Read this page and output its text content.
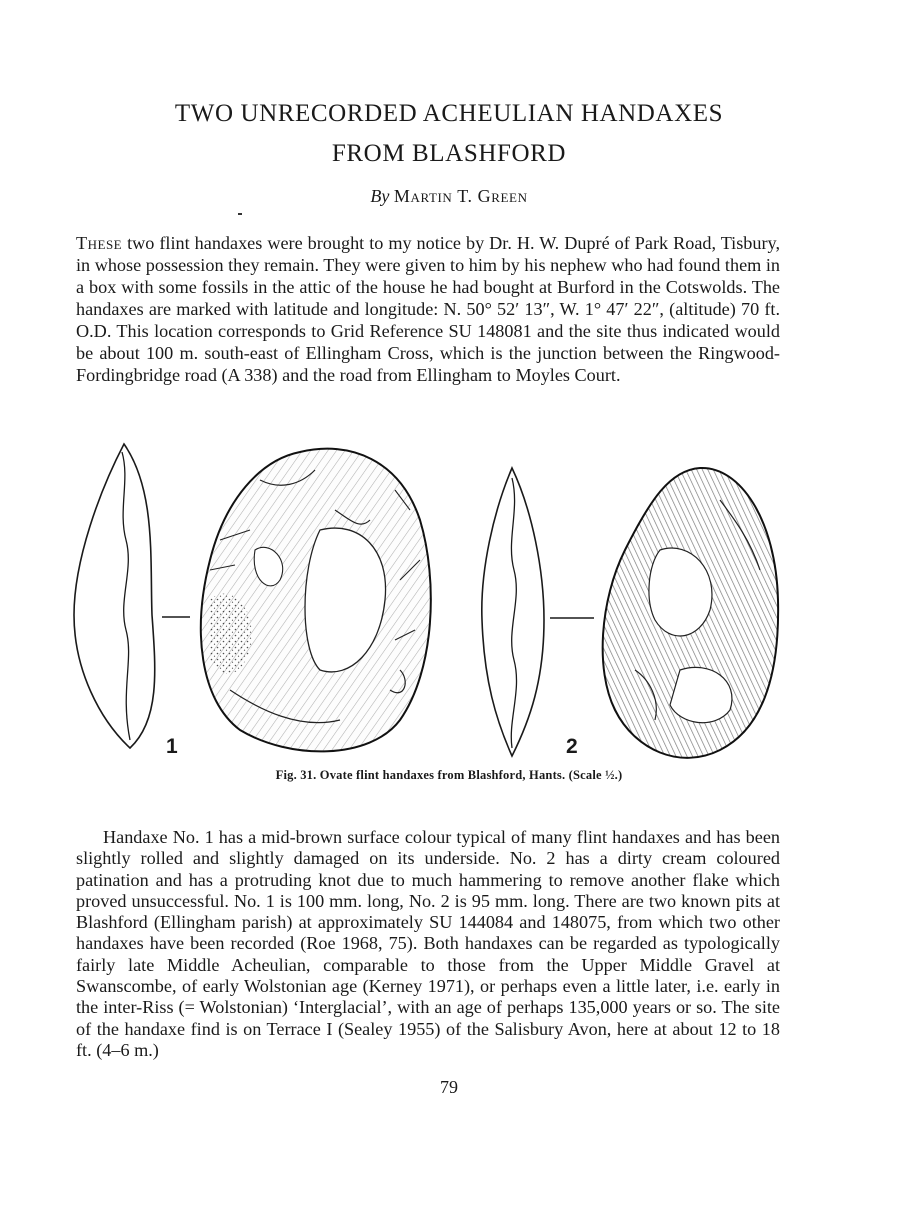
TWO UNRECORDED ACHEULIAN HANDAXES
FROM BLASHFORD
By Martin T. Green

These two flint handaxes were brought to my notice by Dr. H. W. Dupré of Park Road, Tisbury, in whose possession they remain. They were given to him by his nephew who had found them in a box with some fossils in the attic of the house he had bought at Burford in the Cotswolds. The handaxes are marked with latitude and longitude: N. 50° 52′ 13″, W. 1° 47′ 22″, (altitude) 70 ft. O.D. This location corresponds to Grid Reference SU 148081 and the site thus indicated would be about 100 m. south-east of Ellingham Cross, which is the junction between the Ringwood-Fordingbridge road (A 338) and the road from Ellingham to Moyles Court.

1	2
Fig. 31. Ovate flint handaxes from Blashford, Hants. (Scale ½.)

Handaxe No. 1 has a mid-brown surface colour typical of many flint handaxes and has been slightly rolled and slightly damaged on its underside. No. 2 has a dirty cream coloured patination and has a protruding knot due to much hammering to remove another flake which proved unsuccessful. No. 1 is 100 mm. long, No. 2 is 95 mm. long. There are two known pits at Blashford (Ellingham parish) at approximately SU 144084 and 148075, from which two other handaxes have been recorded (Roe 1968, 75). Both handaxes can be regarded as typologically fairly late Middle Acheulian, comparable to those from the Upper Middle Gravel at Swanscombe, of early Wolstonian age (Kerney 1971), or perhaps even a little later, i.e. early in the inter-Riss (= Wolstonian) ‘Interglacial’, with an age of perhaps 135,000 years or so. The site of the handaxe find is on Terrace I (Sealey 1955) of the Salisbury Avon, here at about 12 to 18 ft. (4–6 m.)

79
